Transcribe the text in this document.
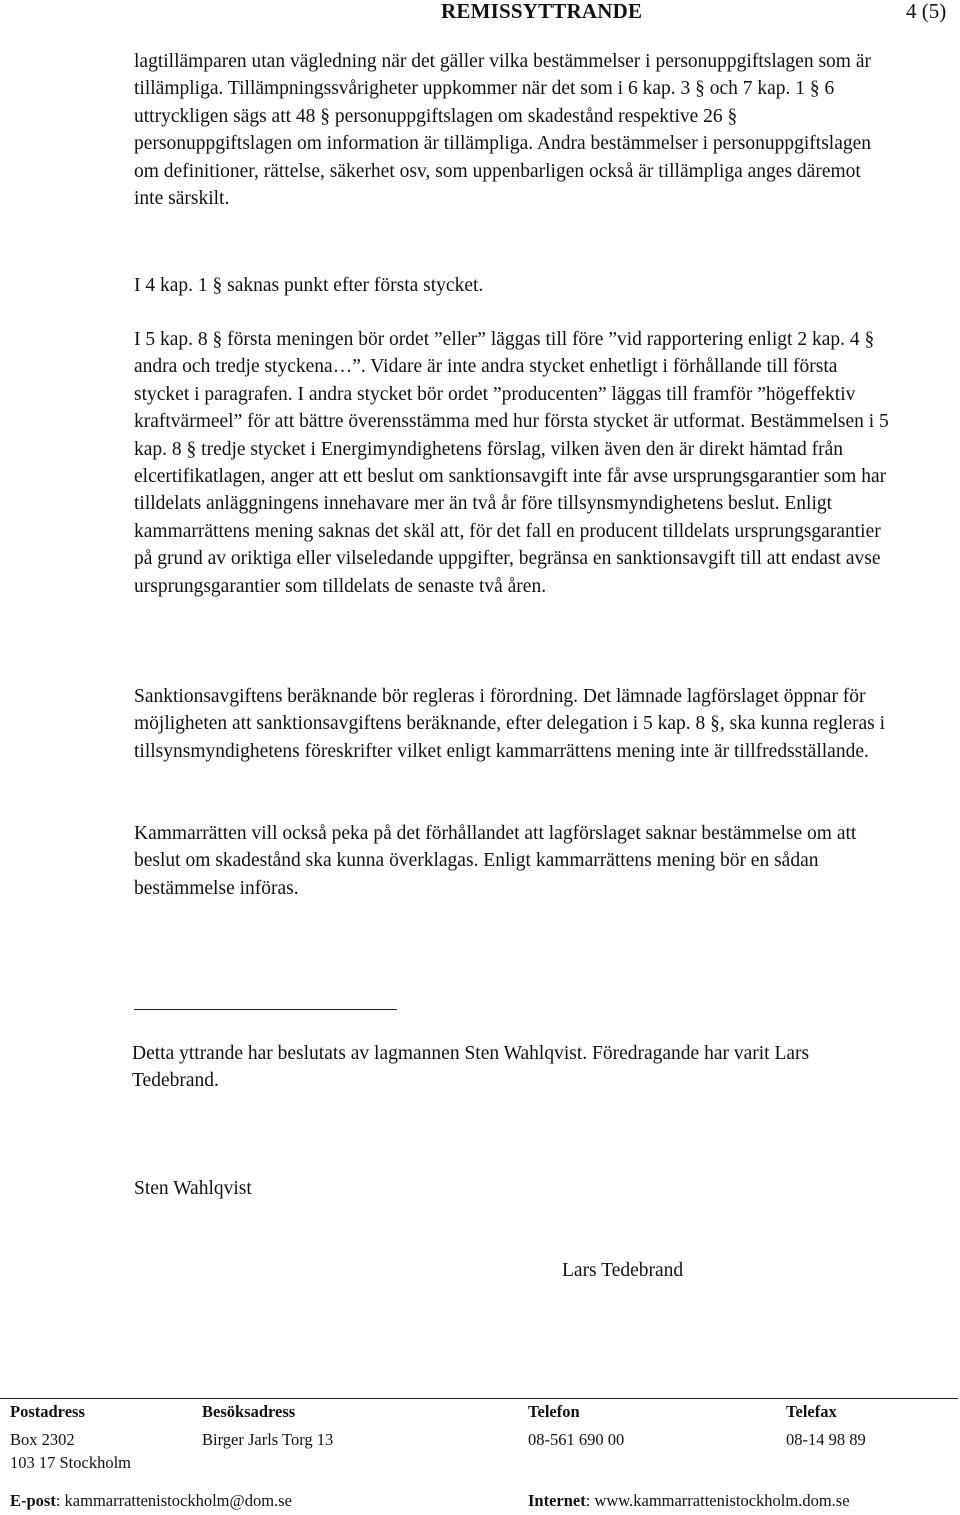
REMISSYTTRANDE	4 (5)

lagtillämparen utan vägledning när det gäller vilka bestämmelser i personuppgiftslagen som är tillämpliga. Tillämpningssvårigheter uppkommer när det som i 6 kap. 3 § och 7 kap. 1 § 6 uttryckligen sägs att 48 § personuppgiftslagen om skadestånd respektive 26 § personuppgiftslagen om information är tillämpliga. Andra bestämmelser i personuppgiftslagen om definitioner, rättelse, säkerhet osv, som uppenbarligen också är tillämpliga anges däremot inte särskilt.

I 4 kap. 1 § saknas punkt efter första stycket.

I 5 kap. 8 § första meningen bör ordet ”eller” läggas till före ”vid rapportering enligt 2 kap. 4 § andra och tredje styckena…”. Vidare är inte andra stycket enhetligt i förhållande till första stycket i paragrafen. I andra stycket bör ordet ”producenten” läggas till framför ”högeffektiv kraftvärmeel” för att bättre överensstämma med hur första stycket är utformat. Bestämmelsen i 5 kap. 8 § tredje stycket i Energimyndighetens förslag, vilken även den är direkt hämtad från elcertifikatlagen, anger att ett beslut om sanktionsavgift inte får avse ursprungsgarantier som har tilldelats anläggningens innehavare mer än två år före tillsynsmyndighetens beslut. Enligt kammarrättens mening saknas det skäl att, för det fall en producent tilldelats ursprungsgarantier på grund av oriktiga eller vilseledande uppgifter, begränsa en sanktionsavgift till att endast avse ursprungsgarantier som tilldelats de senaste två åren.

Sanktionsavgiftens beräknande bör regleras i förordning. Det lämnade lagförslaget öppnar för möjligheten att sanktionsavgiftens beräknande, efter delegation i 5 kap. 8 §, ska kunna regleras i tillsynsmyndighetens föreskrifter vilket enligt kammarrättens mening inte är tillfredsställande.

Kammarrätten vill också peka på det förhållandet att lagförslaget saknar bestämmelse om att beslut om skadestånd ska kunna överklagas. Enligt kammarrättens mening bör en sådan bestämmelse införas.

Detta yttrande har beslutats av lagmannen Sten Wahlqvist. Föredragande har varit Lars Tedebrand.

Sten Wahlqvist
Lars Tedebrand
Postadress	Besöksadress	Telefon	Telefax
Box 2302	Birger Jarls Torg 13	08-561 690 00	08-14 98 89
103 17 Stockholm
E-post: kammarrattenistockholm@dom.se	Internet: www.kammarrattenistockholm.dom.se
